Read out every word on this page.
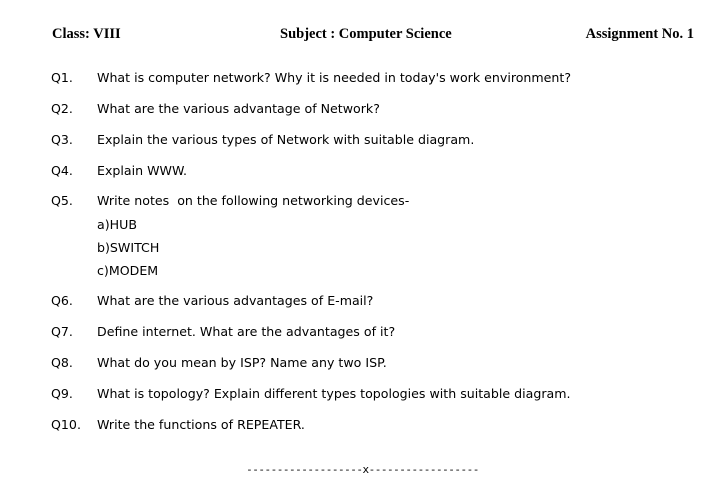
Class: VIII	Subject : Computer Science	Assignment No. 1
Q1. What is computer network? Why it is needed in today's work environment?
Q2. What are the various advantage of Network?
Q3. Explain the various types of Network with suitable diagram.
Q4. Explain WWW.
Q5. Write notes  on the following networking devices-
a)HUB
b)SWITCH
c)MODEM
Q6. What are the various advantages of E-mail?
Q7. Define internet. What are the advantages of it?
Q8. What do you mean by ISP? Name any two ISP.
Q9. What is topology? Explain different types topologies with suitable diagram.
Q10. Write the functions of REPEATER.
-------------------x------------------
